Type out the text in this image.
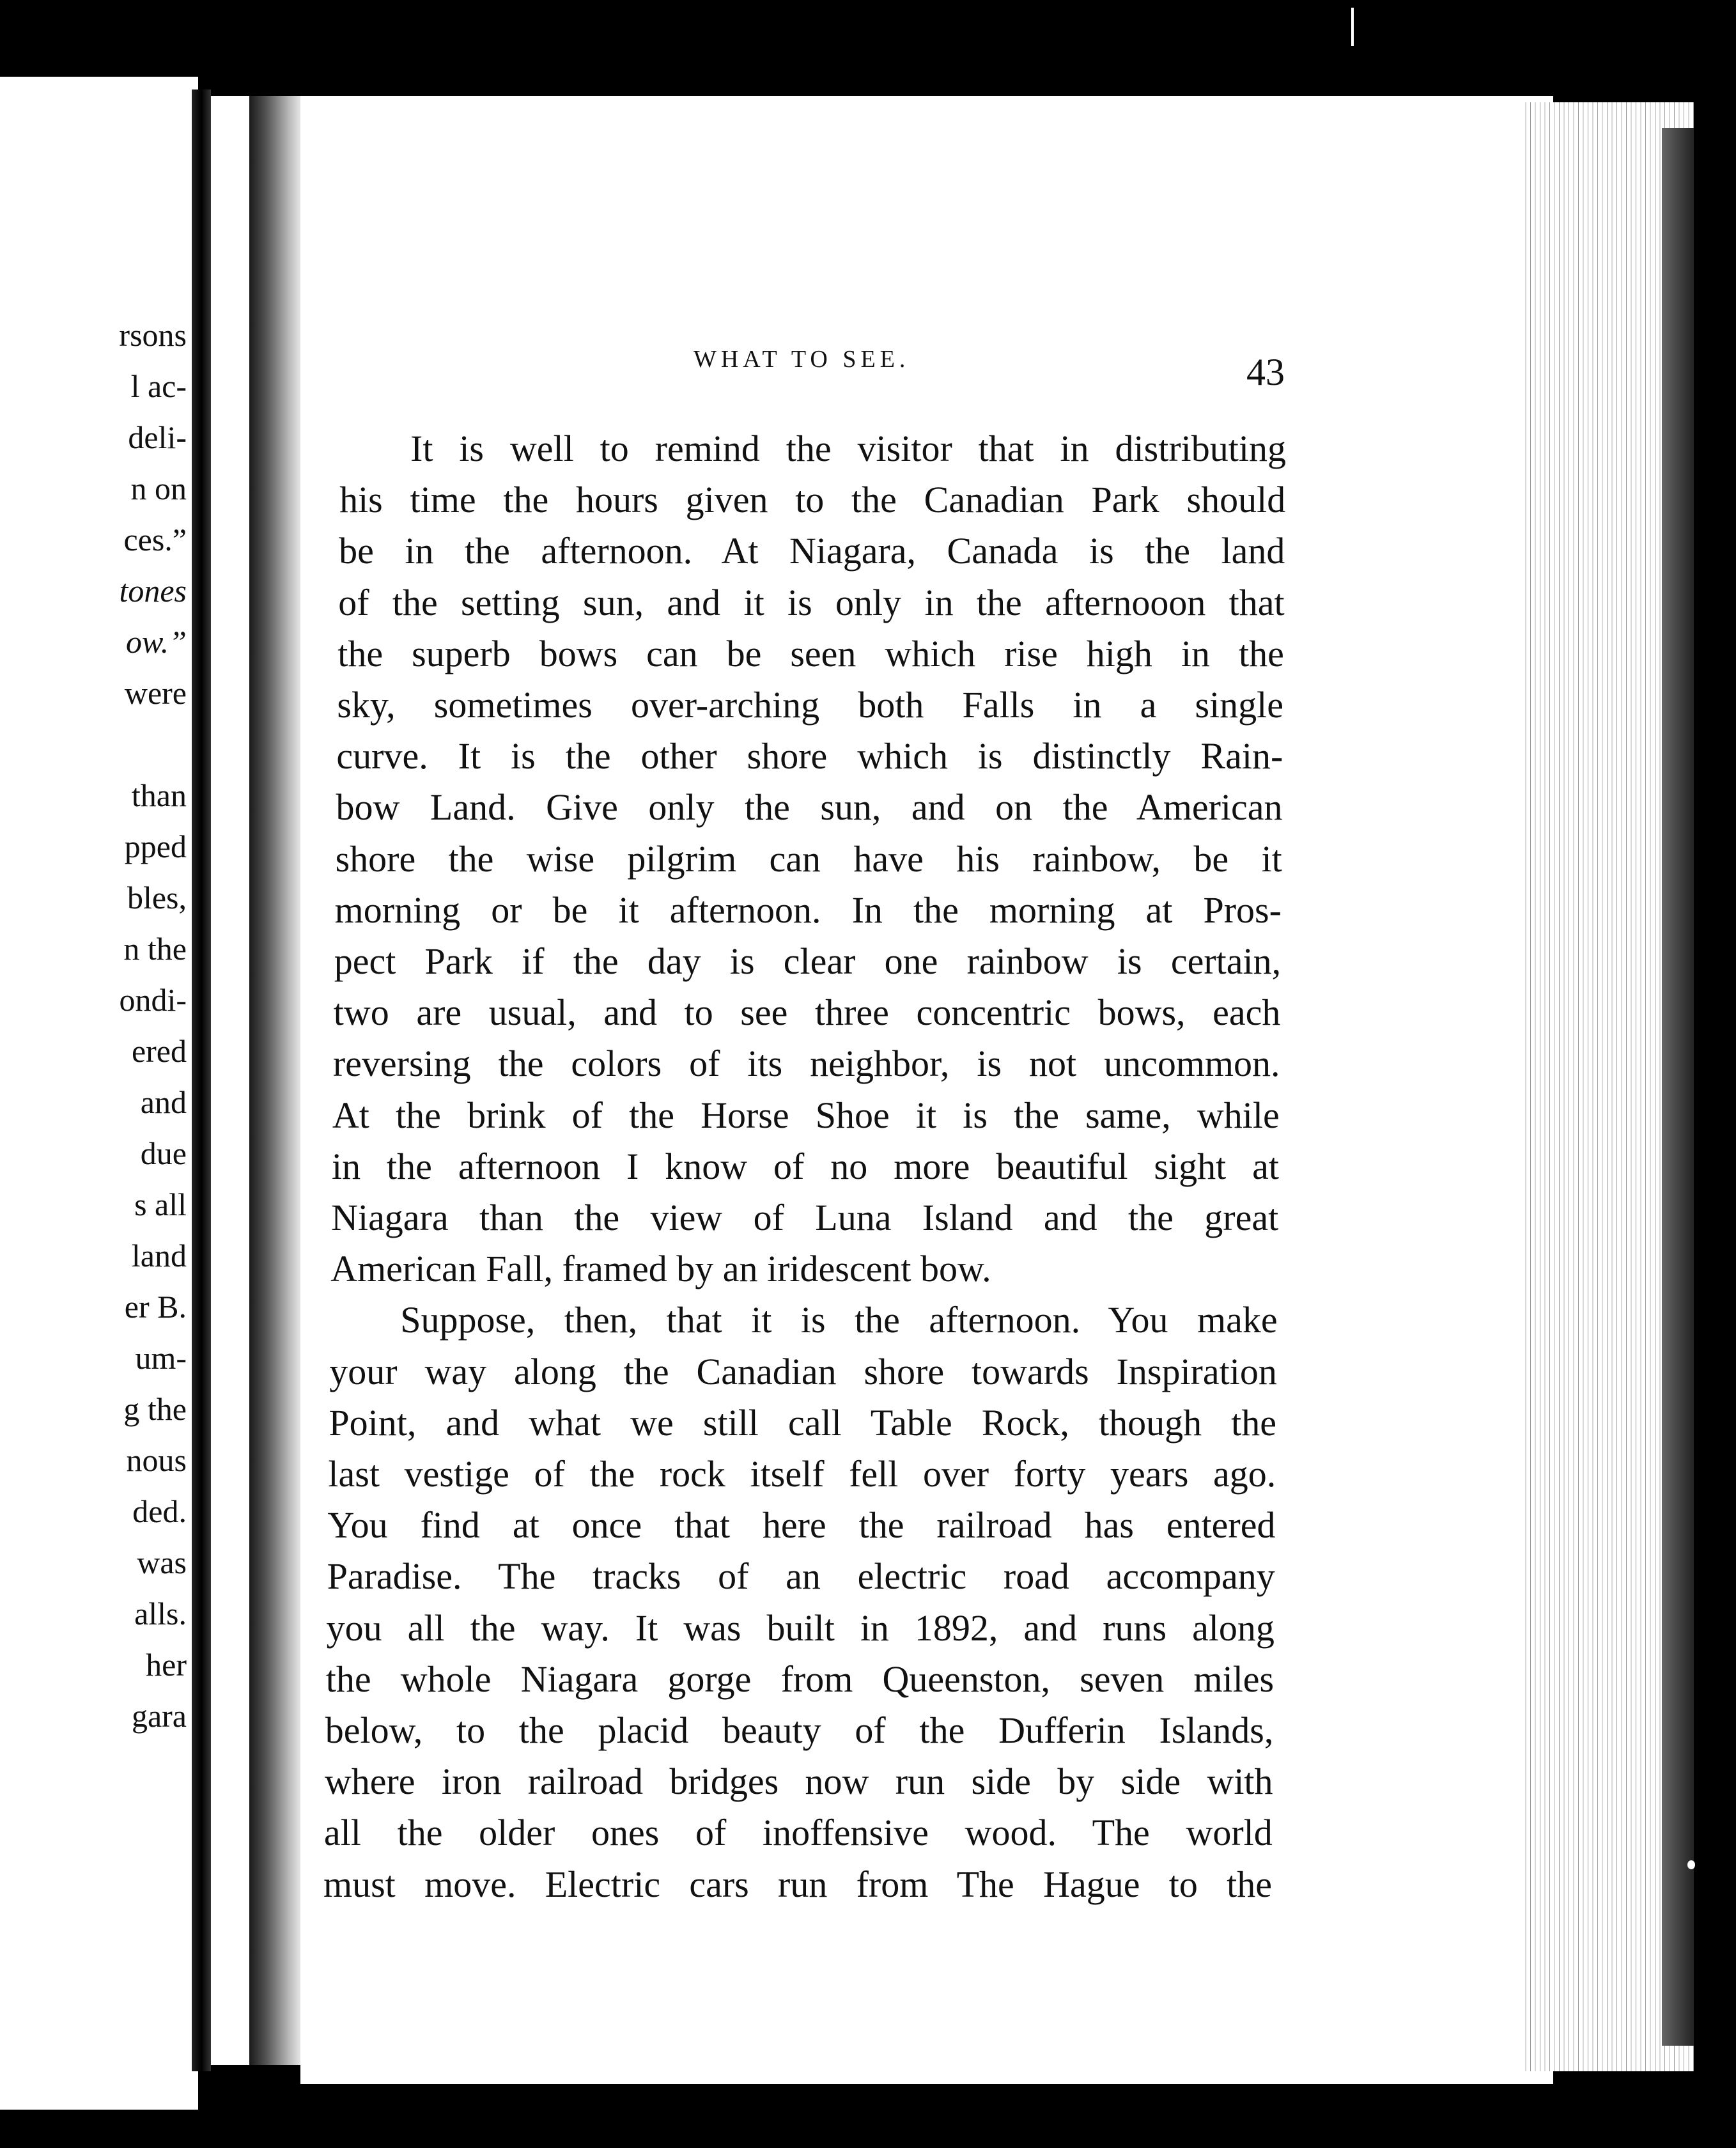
rsons
l ac-
deli-
n on
ces.”
tones
ow.”
were
than
pped
bles,
n the
ondi-
ered
and
due
s all
land
er B.
um-
g the
nous
ded.
was
alls.
her
gara
WHAT TO SEE.	43
It is well to remind the visitor that in distributing
his time the hours given to the Canadian Park should
be in the afternoon. At Niagara, Canada is the land
of the setting sun, and it is only in the afternooon that
the superb bows can be seen which rise high in the
sky, sometimes over-arching both Falls in a single
curve. It is the other shore which is distinctly Rain-
bow Land. Give only the sun, and on the American
shore the wise pilgrim can have his rainbow, be it
morning or be it afternoon. In the morning at Pros-
pect Park if the day is clear one rainbow is certain,
two are usual, and to see three concentric bows, each
reversing the colors of its neighbor, is not uncommon.
At the brink of the Horse Shoe it is the same, while
in the afternoon I know of no more beautiful sight at
Niagara than the view of Luna Island and the great
American Fall, framed by an iridescent bow.
Suppose, then, that it is the afternoon. You make
your way along the Canadian shore towards Inspiration
Point, and what we still call Table Rock, though the
last vestige of the rock itself fell over forty years ago.
You find at once that here the railroad has entered
Paradise. The tracks of an electric road accompany
you all the way. It was built in 1892, and runs along
the whole Niagara gorge from Queenston, seven miles
below, to the placid beauty of the Dufferin Islands,
where iron railroad bridges now run side by side with
all the older ones of inoffensive wood. The world
must move. Electric cars run from The Hague to the
